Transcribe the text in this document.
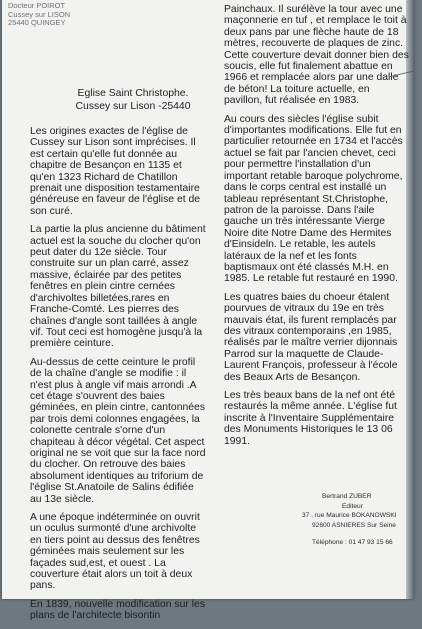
Docteur POIROT
Cussey sur LISON
25440 QUINGEY
Eglise Saint Christophe.
Cussey sur Lison -25440

Les origines exactes de l'église de Cussey sur Lison sont imprécises. Il est certain qu'elle fut donnée au chapitre de Besançon en 1135 et qu'en 1323 Richard de Chatillon prenait une disposition testamentaire généreuse en faveur de l'église et de son curé.

La partie la plus ancienne du bâtiment actuel est la souche du clocher qu'on peut dater du 12e siècle. Tour construite sur un plan carré, assez massive, éclairée par des petites fenêtres en plein cintre cernées d'archivoltes billetées,rares en Franche-Comté. Les pierres des chaînes d'angle sont taillées à angle vif. Tout ceci est homogène jusqu'à la première ceinture.

Au-dessus de cette ceinture le profil de la chaîne d'angle se modifie : il n'est plus à angle vif mais arrondi .A cet étage s'ouvrent des baies géminées, en plein cintre, cantonnées par trois demi colonnes engagées, la colonette centrale s'orne d'un chapiteau à décor végétal. Cet aspect original ne se voit que sur la face nord du clocher. On retrouve des baies absolument identiques au triforium de l'église St.Anatoile de Salins édifiée au 13e siècle.

A une époque indéterminée on ouvrit un oculus surmonté d'une archivolte en tiers point au dessus des fenêtres géminées mais seulement sur les façades sud,est, et ouest . La couverture était alors un toit à deux pans.

En 1839, nouvelle modification sur les plans de l'architecte bisontin

Painchaux. Il surélève la tour avec une maçonnerie en tuf , et remplace le toit à deux pans par une flèche haute de 18 mètres, recouverte de plaques de zinc. Cette couverture devait donner bien des soucis, elle fut finalement abattue en 1966 et remplacée alors par une dalle de béton! La toiture actuelle, en pavillon, fut réalisée en 1983.

Au cours des siècles l'église subit d'importantes modifications. Elle fut en particulier retournée en 1734 et l'accès actuel se fait par l'ancien chevet, ceci pour permettre l'installation d'un important retable baroque polychrome, dans le corps central est installé un tableau représentant St.Christophe, patron de la paroisse. Dans l'aile gauche un très intéressante Vierge Noire dite Notre Dame des Hermites d'Einsideln. Le retable, les autels latéraux de la nef et les fonts baptismaux ont été classés M.H. en 1985. Le retable fut restauré en 1990.

Les quatres baies du choeur étalent pourvues de vitraux du 19e en très mauvais état, ils furent remplacés par des vitraux contemporains ,en 1985, réalisés par le maître verrier dijonnais Parrod sur la maquette de Claude-Laurent François, professeur à l'école des Beaux Arts de Besançon.

Les très beaux bans de la nef ont été restaurés la même année. L'église fut inscrite à l'Inventaire Supplémentaire des Monuments Historiques le 13 06 1991.

Bertrand ZUBER
Editeur
37 , rue Maurice BOKANOWSKI
92600 ASNIERES Sur Seine
Téléphone : 01 47 93 15 66
